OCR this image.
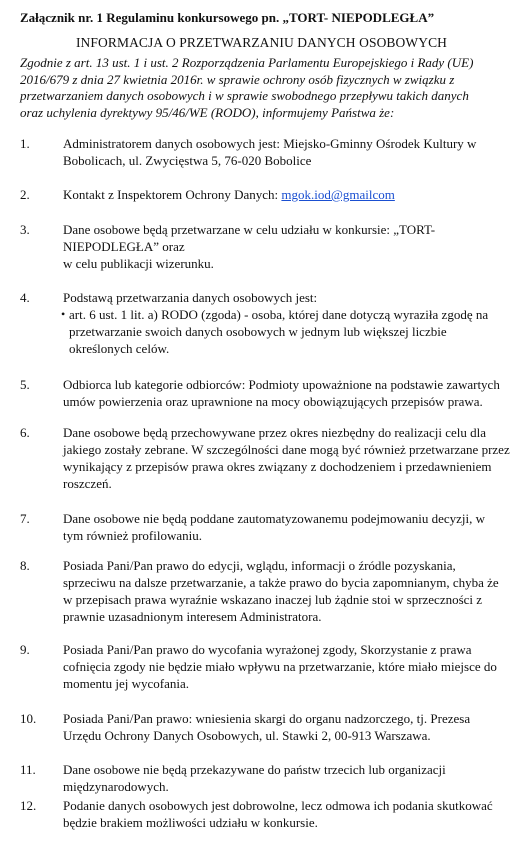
Załącznik nr. 1 Regulaminu konkursowego pn. „TORT- NIEPODLEGŁA”
INFORMACJA O PRZETWARZANIU DANYCH OSOBOWYCH
Zgodnie z art. 13 ust. 1 i ust. 2 Rozporządzenia Parlamentu Europejskiego i Rady (UE)
2016/679 z dnia 27 kwietnia 2016r. w sprawie ochrony osób fizycznych w związku z
przetwarzaniem danych osobowych i w sprawie swobodnego przepływu takich danych
oraz uchylenia dyrektywy 95/46/WE (RODO), informujemy Państwa że:
1.	Administratorem danych osobowych jest: Miejsko-Gminny Ośrodek Kultury w
Bobolicach, ul. Zwycięstwa 5, 76-020 Bobolice
2.	Kontakt z Inspektorem Ochrony Danych: mgok.iod@gmailcom
3.	Dane osobowe będą przetwarzane w celu udziału w konkursie: „TORT-
NIEPODLEGŁA” oraz
w celu publikacji wizerunku.
4.	Podstawą przetwarzania danych osobowych jest:
• art. 6 ust. 1 lit. a) RODO (zgoda) - osoba, której dane dotyczą wyraziła zgodę na
przetwarzanie swoich danych osobowych w jednym lub większej liczbie
określonych celów.
5.	Odbiorca lub kategorie odbiorców: Podmioty upoważnione na podstawie zawartych
umów powierzenia oraz uprawnione na mocy obowiązujących przepisów prawa.
6.	Dane osobowe będą przechowywane przez okres niezbędny do realizacji celu dla
jakiego zostały zebrane. W szczególności dane mogą być również przetwarzane przez
wynikający z przepisów prawa okres związany z dochodzeniem i przedawnieniem
roszczeń.
7.	Dane osobowe nie będą poddane zautomatyzowanemu podejmowaniu decyzji, w
tym również profilowaniu.
8.	Posiada Pani/Pan prawo do edycji, wglądu, informacji o źródle pozyskania,
sprzeciwu na dalsze przetwarzanie, a także prawo do bycia zapomnianym, chyba że
w przepisach prawa wyraźnie wskazano inaczej lub żądnie stoi w sprzeczności z
prawnie uzasadnionym interesem Administratora.
9.	Posiada Pani/Pan prawo do wycofania wyrażonej zgody, Skorzystanie z prawa
cofnięcia zgody nie będzie miało wpływu na przetwarzanie, które miało miejsce do
momentu jej wycofania.
10.	Posiada Pani/Pan prawo: wniesienia skargi do organu nadzorczego, tj. Prezesa
Urzędu Ochrony Danych Osobowych, ul. Stawki 2, 00-913 Warszawa.
11.	Dane osobowe nie będą przekazywane do państw trzecich lub organizacji
międzynarodowych.
12.	Podanie danych osobowych jest dobrowolne, lecz odmowa ich podania skutkować
będzie brakiem możliwości udziału w konkursie.
